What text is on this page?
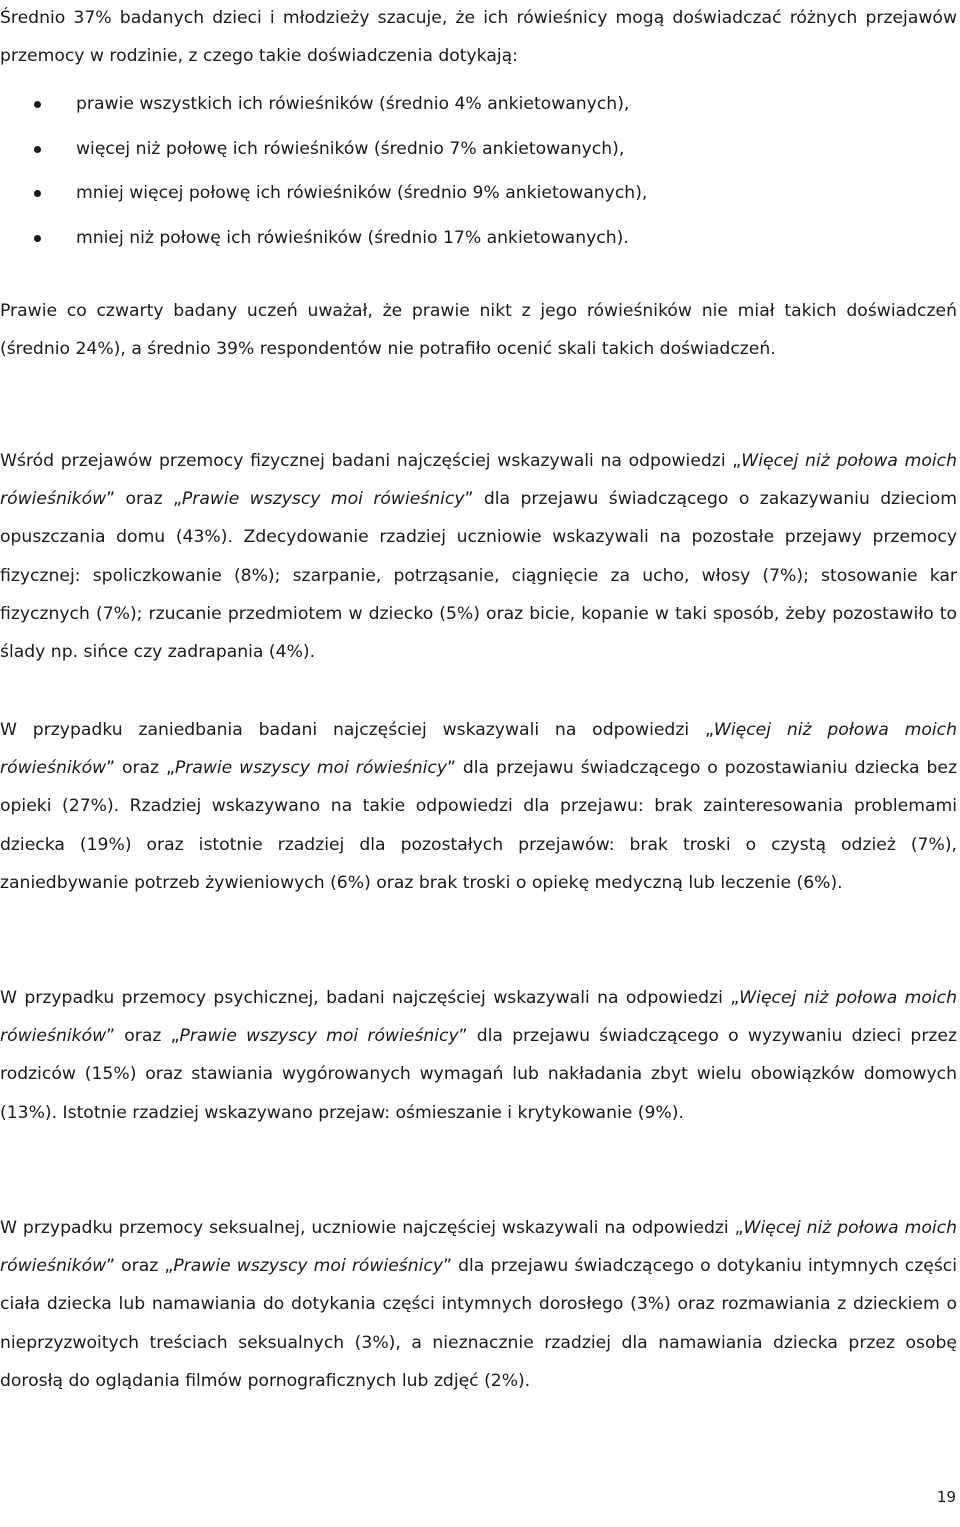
Średnio 37% badanych dzieci i młodzieży szacuje, że ich rówieśnicy mogą doświadczać różnych przejawów przemocy w rodzinie, z czego takie doświadczenia dotykają:

prawie wszystkich ich rówieśników (średnio 4% ankietowanych),
więcej niż połowę ich rówieśników (średnio 7% ankietowanych),
mniej więcej połowę ich rówieśników (średnio 9% ankietowanych),
mniej niż połowę ich rówieśników (średnio 17% ankietowanych).

Prawie co czwarty badany uczeń uważał, że prawie nikt z jego rówieśników nie miał takich doświadczeń (średnio 24%), a średnio 39% respondentów nie potrafiło ocenić skali takich doświadczeń.

Wśród przejawów przemocy fizycznej badani najczęściej wskazywali na odpowiedzi „Więcej niż połowa moich rówieśników” oraz „Prawie wszyscy moi rówieśnicy” dla przejawu świadczącego o zakazywaniu dzieciom opuszczania domu (43%). Zdecydowanie rzadziej uczniowie wskazywali na pozostałe przejawy przemocy fizycznej: spoliczkowanie (8%); szarpanie, potrząsanie, ciągnięcie za ucho, włosy (7%); stosowanie kar fizycznych (7%); rzucanie przedmiotem w dziecko (5%) oraz bicie, kopanie w taki sposób, żeby pozostawiło to ślady np. sińce czy zadrapania (4%).

W przypadku zaniedbania badani najczęściej wskazywali na odpowiedzi „Więcej niż połowa moich rówieśników” oraz „Prawie wszyscy moi rówieśnicy” dla przejawu świadczącego o pozostawianiu dziecka bez opieki (27%). Rzadziej wskazywano na takie odpowiedzi dla przejawu: brak zainteresowania problemami dziecka (19%) oraz istotnie rzadziej dla pozostałych przejawów: brak troski o czystą odzież (7%), zaniedbywanie potrzeb żywieniowych (6%) oraz brak troski o opiekę medyczną lub leczenie (6%).

W przypadku przemocy psychicznej, badani najczęściej wskazywali na odpowiedzi „Więcej niż połowa moich rówieśników” oraz „Prawie wszyscy moi rówieśnicy” dla przejawu świadczącego o wyzywaniu dzieci przez rodziców (15%) oraz stawiania wygórowanych wymagań lub nakładania zbyt wielu obowiązków domowych (13%). Istotnie rzadziej wskazywano przejaw: ośmieszanie i krytykowanie (9%).

W przypadku przemocy seksualnej, uczniowie najczęściej wskazywali na odpowiedzi „Więcej niż połowa moich rówieśników” oraz „Prawie wszyscy moi rówieśnicy” dla przejawu świadczącego o dotykaniu intymnych części ciała dziecka lub namawiania do dotykania części intymnych dorosłego (3%) oraz rozmawiania z dzieckiem o nieprzyzwoitych treściach seksualnych (3%), a nieznacznie rzadziej dla namawiania dziecka przez osobę dorosłą do oglądania filmów pornograficznych lub zdjęć (2%).

19
